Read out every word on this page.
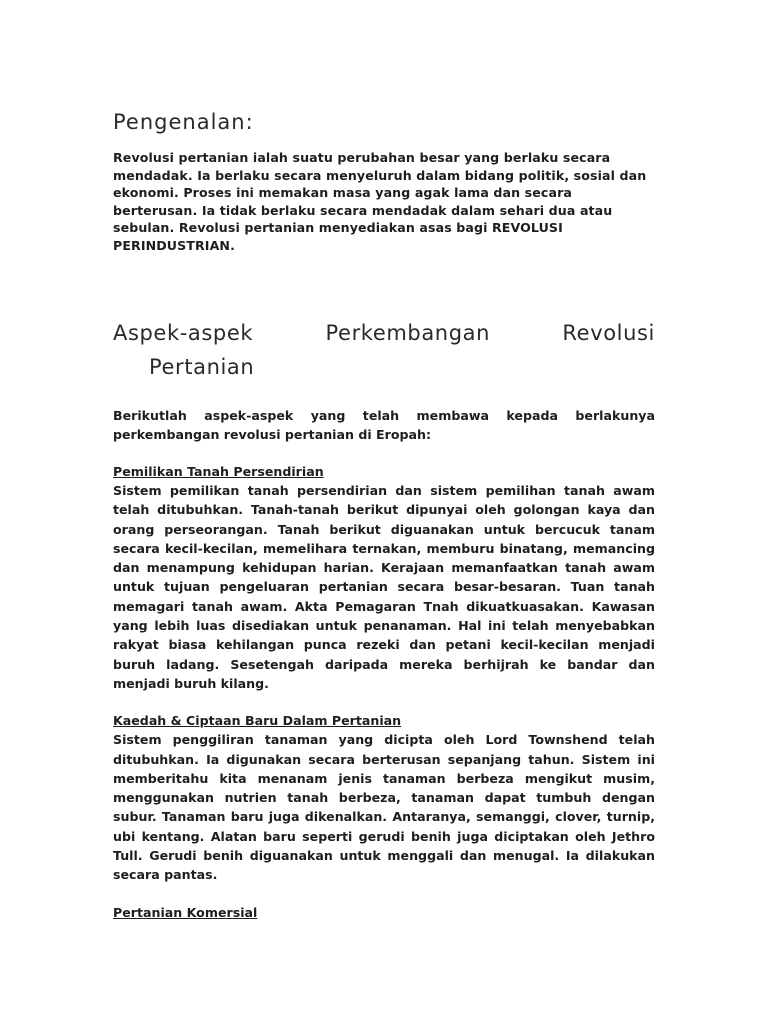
Pengenalan:

Revolusi pertanian ialah suatu perubahan besar yang berlaku secara mendadak. Ia berlaku secara menyeluruh dalam bidang politik, sosial dan ekonomi. Proses ini memakan masa yang agak lama dan secara berterusan. Ia tidak berlaku secara mendadak dalam sehari dua atau sebulan. Revolusi pertanian menyediakan asas bagi REVOLUSI PERINDUSTRIAN.

Aspek-aspek	Perkembangan	Revolusi
Pertanian

Berikutlah aspek-aspek yang telah membawa kepada berlakunya perkembangan revolusi pertanian di Eropah:

Pemilikan Tanah Persendirian

Sistem pemilikan tanah persendirian dan sistem pemilihan tanah awam telah ditubuhkan. Tanah-tanah berikut dipunyai oleh golongan kaya dan orang perseorangan. Tanah berikut diguanakan untuk bercucuk tanam secara kecil-kecilan, memelihara ternakan, memburu binatang, memancing dan menampung kehidupan harian. Kerajaan memanfaatkan tanah awam untuk tujuan pengeluaran pertanian secara besar-besaran. Tuan tanah memagari tanah awam. Akta Pemagaran Tnah dikuatkuasakan. Kawasan yang lebih luas disediakan untuk penanaman. Hal ini telah menyebabkan rakyat biasa kehilangan punca rezeki dan petani kecil-kecilan menjadi buruh ladang. Sesetengah daripada mereka berhijrah ke bandar dan menjadi buruh kilang.

Kaedah & Ciptaan Baru Dalam Pertanian

Sistem penggiliran tanaman yang dicipta oleh Lord Townshend telah ditubuhkan. Ia digunakan secara berterusan sepanjang tahun. Sistem ini memberitahu kita menanam jenis tanaman berbeza mengikut musim, menggunakan nutrien tanah berbeza, tanaman dapat tumbuh dengan subur. Tanaman baru juga dikenalkan. Antaranya, semanggi, clover, turnip, ubi kentang. Alatan baru seperti gerudi benih juga diciptakan oleh Jethro Tull. Gerudi benih diguanakan untuk menggali dan menugal. Ia dilakukan secara pantas.

Pertanian Komersial
